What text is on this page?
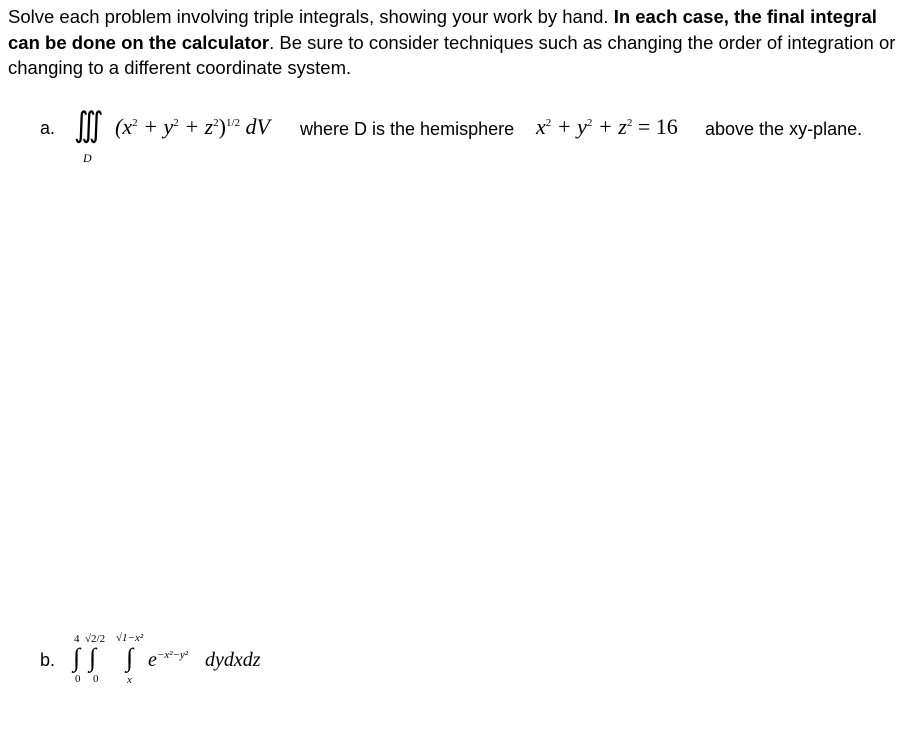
Solve each problem involving triple integrals, showing your work by hand. In each case, the final integral can be done on the calculator. Be sure to consider techniques such as changing the order of integration or changing to a different coordinate system.
a. ∭
D
$(x^2 + y^2 + z^2)^{1/2}$ dV where D is the hemisphere $x^2 + y^2 + z^2 = 16$ above the xy-plane.
b.
4 √2/2 √1−x²
∫ ∫ ∫
0 0	x
$e^{-x^2-y^2}$ dydxdz
